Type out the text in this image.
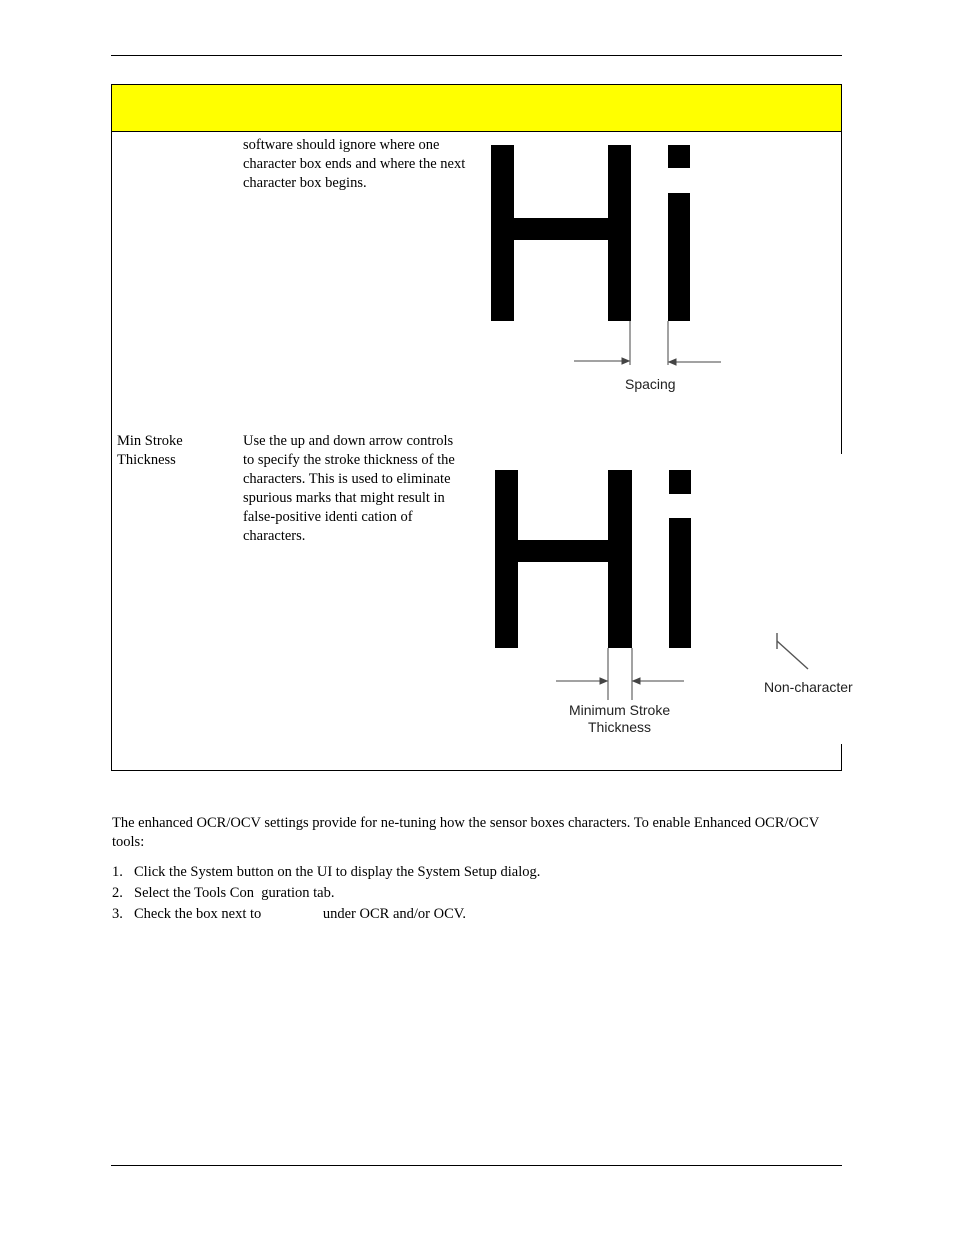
software should ignore where one
character box ends and where the next
character box begins.
Spacing
Min Stroke
Thickness
Use the up and down arrow controls
to specify the stroke thickness of the
characters. This is used to eliminate
spurious marks that might result in
false-positive identi cation of
characters.
Minimum Stroke
Thickness
Non-character
The enhanced OCR/OCV settings provide for ne-tuning how the sensor boxes characters. To enable Enhanced OCR/OCV tools:
1. Click the System button on the UI to display the System Setup dialog.
2. Select the Tools Con  guration tab.
3. Check the box next to                 under OCR and/or OCV.
